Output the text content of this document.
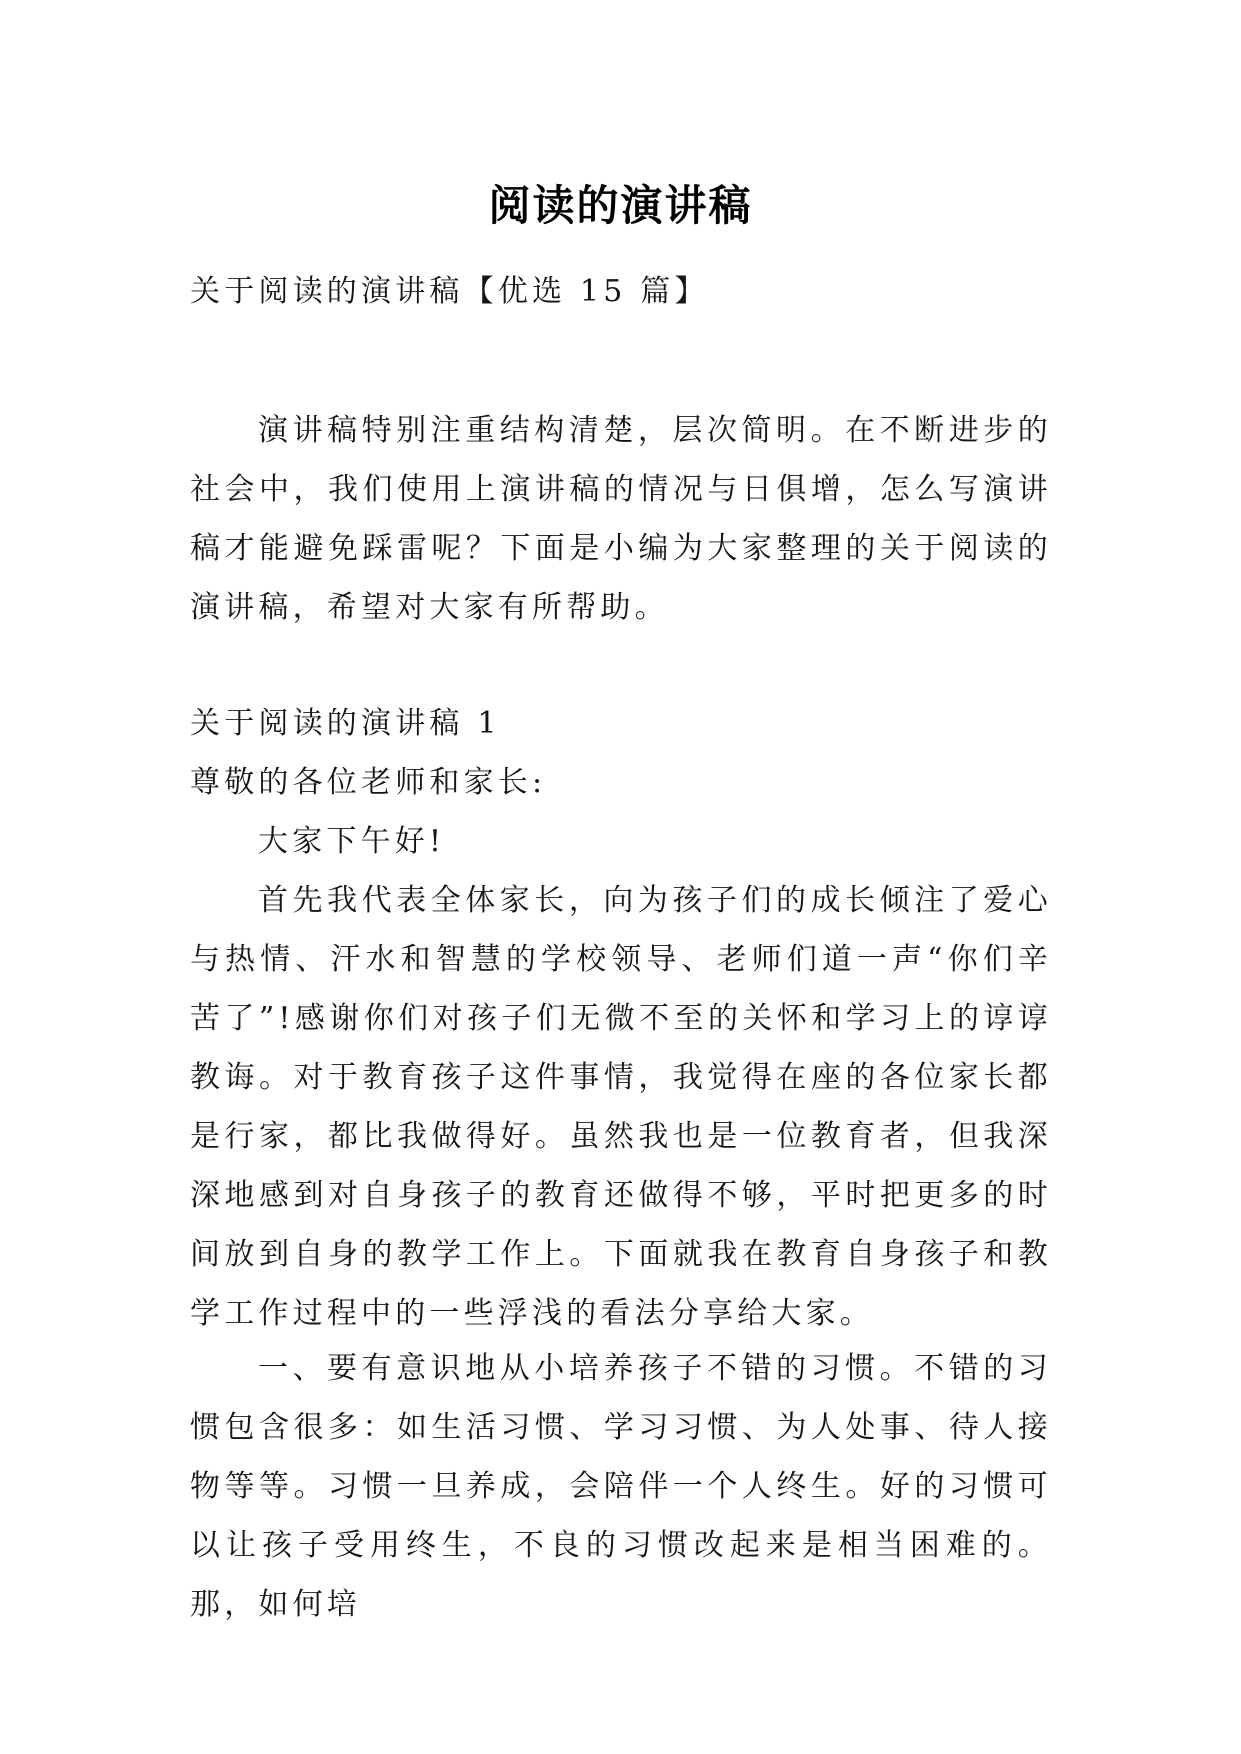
阅读的演讲稿

关于阅读的演讲稿【优选 15 篇】

演讲稿特别注重结构清楚，层次简明。在不断进步的社会中，我们使用上演讲稿的情况与日俱增，怎么写演讲稿才能避免踩雷呢？下面是小编为大家整理的关于阅读的演讲稿，希望对大家有所帮助。

关于阅读的演讲稿 1

尊敬的各位老师和家长:

大家下午好!

首先我代表全体家长，向为孩子们的成长倾注了爱心与热情、汗水和智慧的学校领导、老师们道一声“你们辛苦了”!感谢你们对孩子们无微不至的关怀和学习上的谆谆教诲。对于教育孩子这件事情，我觉得在座的各位家长都是行家，都比我做得好。虽然我也是一位教育者，但我深深地感到对自身孩子的教育还做得不够，平时把更多的时间放到自身的教学工作上。下面就我在教育自身孩子和教学工作过程中的一些浮浅的看法分享给大家。

一、要有意识地从小培养孩子不错的习惯。不错的习惯包含很多：如生活习惯、学习习惯、为人处事、待人接物等等。习惯一旦养成，会陪伴一个人终生。好的习惯可以让孩子受用终生，不良的习惯改起来是相当困难的。那，如何培
